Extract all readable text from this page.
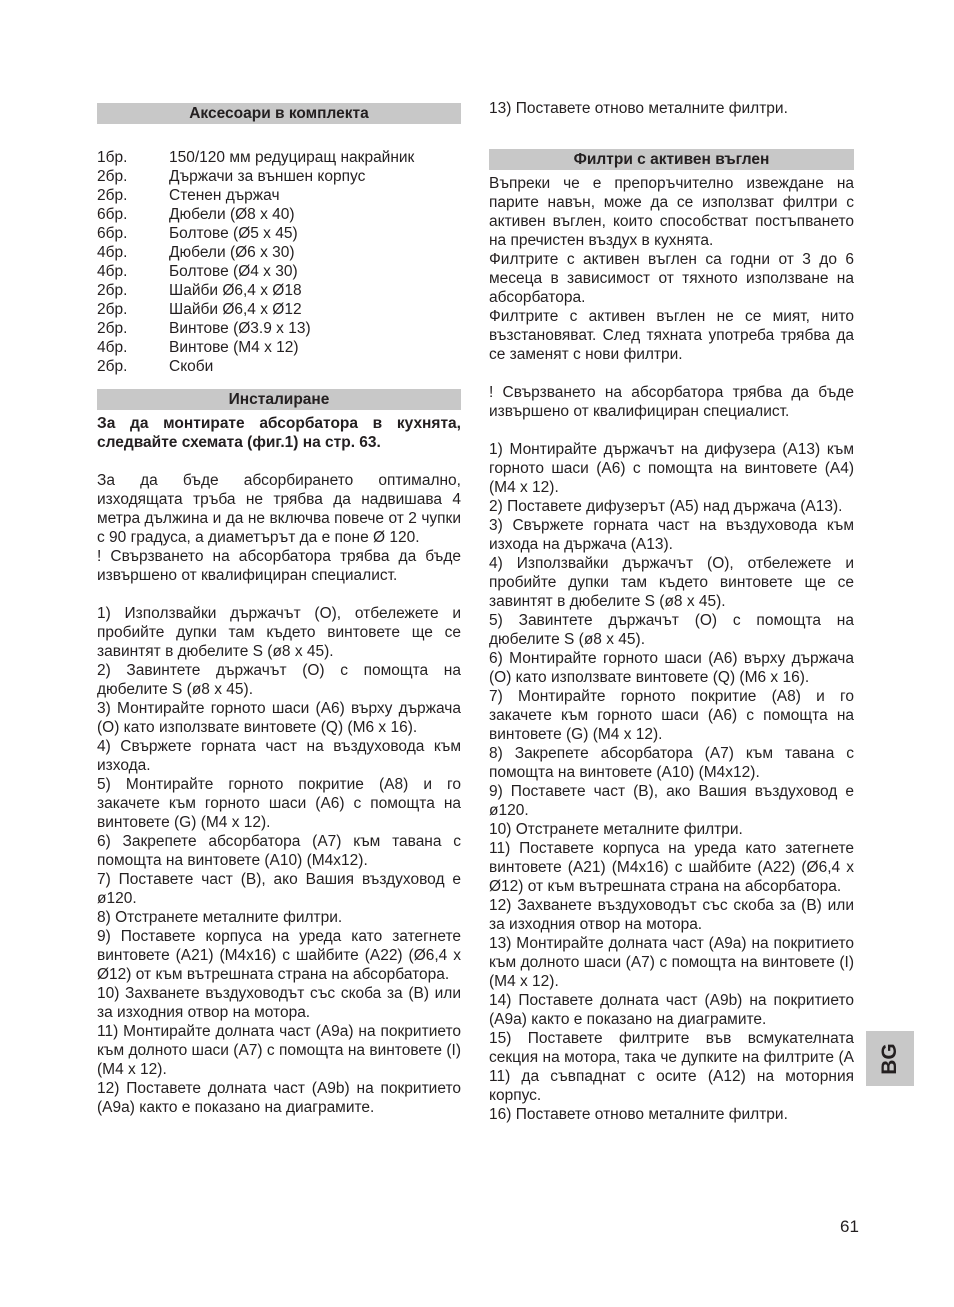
Аксесоари в комплекта
1бр.	150/120 мм редуциращ накрайник
2бр.	Държачи за външен корпус
2бр.	Стенен държач
6бр.	Дюбели (Ø8 x 40)
6бр.	Болтове (Ø5 x 45)
4бр.	Дюбели (Ø6 x 30)
4бр.	Болтове (Ø4 x 30)
2бр.	Шайби Ø6,4 x Ø18
2бр.	Шайби Ø6,4 x Ø12
2бр.	Винтове (Ø3.9 x 13)
4бр.	Винтове (M4 x 12)
2бр.	Скоби
Инсталиране

За да монтирате абсорбатора в кухнята, следвайте схемата (фиг.1) на стр. 63.

За да бъде абсорбирането оптимално, изходящата тръба не трябва да надвишава 4 метра дължина и да не включва повече от 2 чупки с 90 градуса, а диаметърът да е поне Ø 120.

! Свързването на абсорбатора трябва да бъде извършено от квалифициран специалист.

1) Използвайки държачът (О), отбележете и пробийте дупки там където винтовете ще се завинтят в дюбелите S (ø8 x 45).

2) Завинтете държачът (О) с помощта на дюбелите S (ø8 x 45).

3) Монтирайте горното шаси (A6) върху държача (О) като използвате винтовете (Q) (M6 x 16).

4) Свържете горната част на въздуховода към изхода.

5) Монтирайте горното покритие (A8) и го закачете към горното шаси (A6) с помощта на винтовете (G) (M4 x 12).

6) Закрепете абсорбатора (A7) към тавана с помощта на винтовете (A10) (M4x12).

7) Поставете част (B), ако Вашия въздуховод е ø120.

8) Отстранете металните филтри.

9) Поставете корпуса на уреда като затегнете винтовете (A21) (M4x16) с шайбите (A22) (Ø6,4 x Ø12) от към вътрешната страна на абсорбатора.

10) Захванете въздуховодът със скоба за (B) или за изходния отвор на мотора.

11) Монтирайте долната част (A9a) на покритието към долното шаси (A7) с помощта на винтовете (I) (M4 x 12).

12) Поставете долната част (A9b) на покритието (A9a) както е показано на диаграмите.

13) Поставете отново металните филтри.

Филтри с активен въглен

Въпреки че е препоръчително извеждане на парите навън, може да се използват филтри с активен въглен, които способстват постъпването на пречистен въздух в кухнята.

Филтрите с активен въглен са годни от 3 до 6 месеца в зависимост от тяхното използване на абсорбатора.

Филтрите с активен въглен не се мият, нито възстановяват. След тяхната употреба трябва да се заменят с нови филтри.

! Свързването на абсорбатора трябва да бъде извършено от квалифициран специалист.

1) Монтирайте държачът на дифузера (A13) към горното шаси (A6) с помощта на винтовете (A4) (M4 x 12).

2) Поставете дифузерът (A5) над държача (A13).

3) Свържете горната част на въздуховода към изхода на държача (A13).

4) Използвайки държачът (О), отбележете и пробийте дупки там където винтовете ще се завинтят в дюбелите S (ø8 x 45).

5) Завинтете държачът (О) с помощта на дюбелите S (ø8 x 45).

6) Монтирайте горното шаси (A6) върху държача (О) като използвате винтовете (Q) (M6 x 16).

7) Монтирайте горното покритие (A8) и го закачете към горното шаси (A6) с помощта на винтовете (G) (M4 x 12).

8) Закрепете абсорбатора (A7) към тавана с помощта на винтовете (A10) (M4x12).

9) Поставете част (B), ако Вашия въздуховод е ø120.

10) Отстранете металните филтри.

11) Поставете корпуса на уреда като затегнете винтовете (A21) (M4x16) с шайбите (A22) (Ø6,4 x Ø12) от към вътрешната страна на абсорбатора.

12) Захванете въздуховодът със скоба за (B) или за изходния отвор на мотора.

13) Монтирайте долната част (A9a) на покритието към долното шаси (A7) с помощта на винтовете (I) (M4 x 12).

14) Поставете долната част (A9b) на покритието (A9a) както е показано на диаграмите.

15) Поставете филтрите във всмукателната секция на мотора, така че дупките на филтрите (A 11) да съвпаднат с осите (A12) на моторния корпус.

16) Поставете отново металните филтри.

BG
61
